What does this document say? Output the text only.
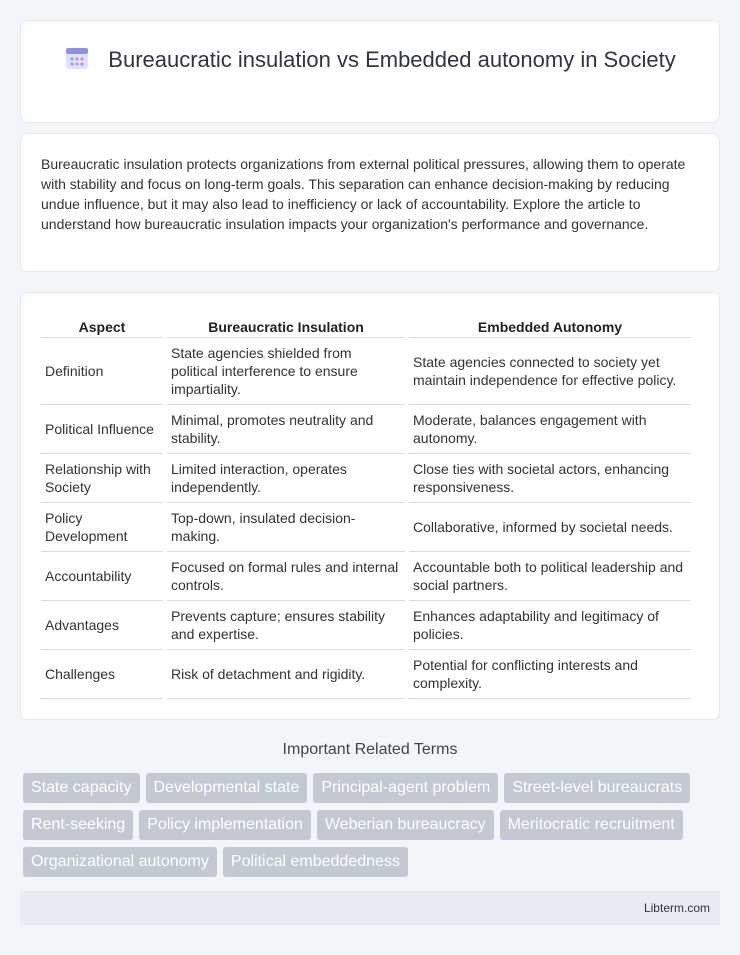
Bureaucratic insulation vs Embedded autonomy in Society

Bureaucratic insulation protects organizations from external political pressures, allowing them to operate with stability and focus on long-term goals. This separation can enhance decision-making by reducing undue influence, but it may also lead to inefficiency or lack of accountability. Explore the article to understand how bureaucratic insulation impacts your organization's performance and governance.

Aspect	Bureaucratic Insulation	Embedded Autonomy
Definition	State agencies shielded from political interference to ensure impartiality.	State agencies connected to society yet maintain independence for effective policy.
Political Influence	Minimal, promotes neutrality and stability.	Moderate, balances engagement with autonomy.
Relationship with Society	Limited interaction, operates independently.	Close ties with societal actors, enhancing responsiveness.
Policy Development	Top-down, insulated decision-making.	Collaborative, informed by societal needs.
Accountability	Focused on formal rules and internal controls.	Accountable both to political leadership and social partners.
Advantages	Prevents capture; ensures stability and expertise.	Enhances adaptability and legitimacy of policies.
Challenges	Risk of detachment and rigidity.	Potential for conflicting interests and complexity.
Important Related Terms
State capacity	Developmental state	Principal-agent problem	Street-level bureaucrats
Rent-seeking	Policy implementation	Weberian bureaucracy	Meritocratic recruitment
Organizational autonomy	Political embeddedness
Libterm.com
